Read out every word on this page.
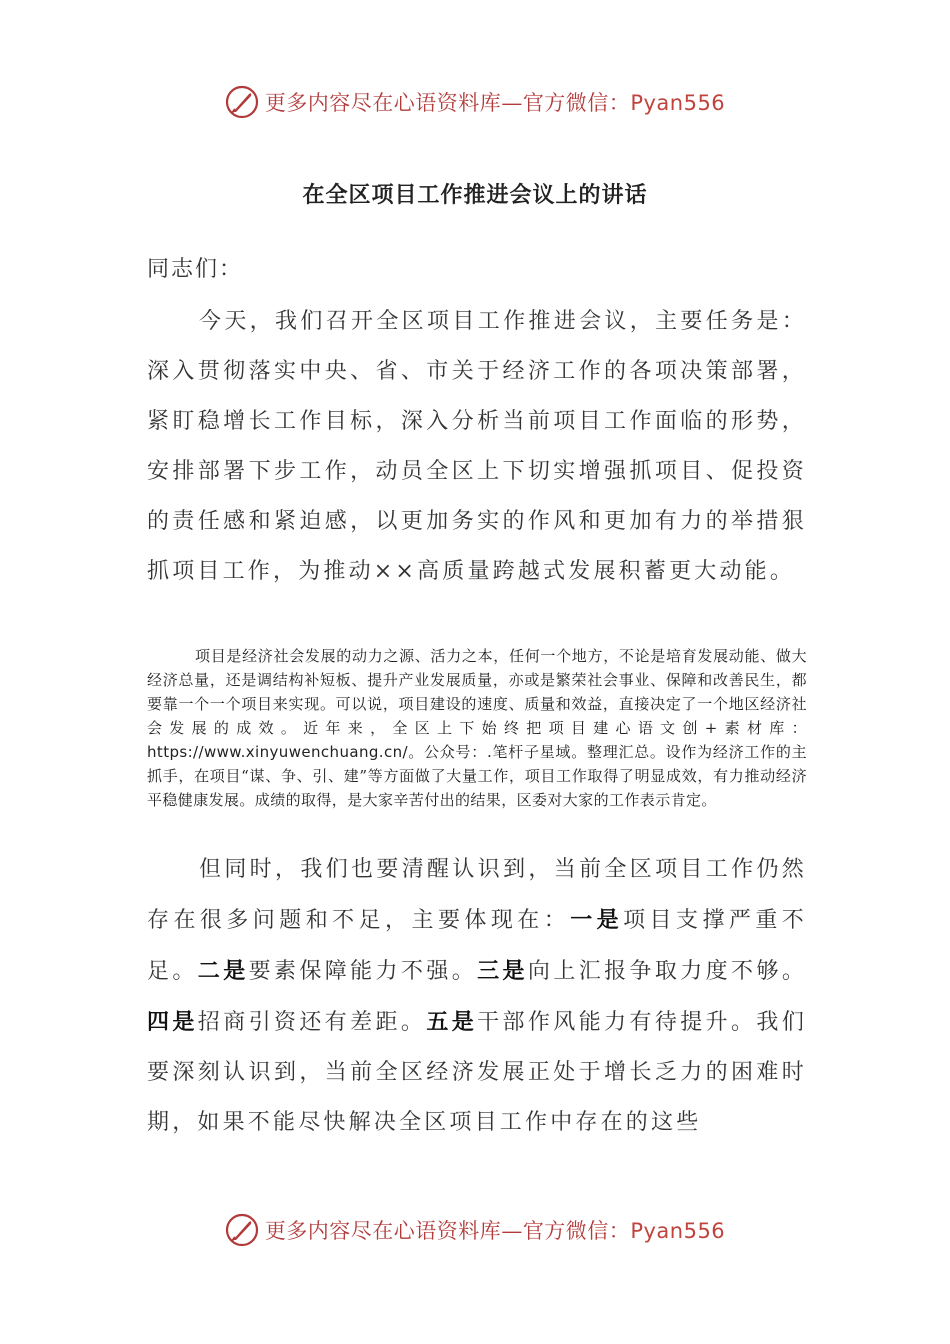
更多内容尽在心语资料库—官方微信：Pyan556
在全区项目工作推进会议上的讲话
同志们：

今天，我们召开全区项目工作推进会议，主要任务是：深入贯彻落实中央、省、市关于经济工作的各项决策部署，紧盯稳增长工作目标，深入分析当前项目工作面临的形势，安排部署下步工作，动员全区上下切实增强抓项目、促投资的责任感和紧迫感，以更加务实的作风和更加有力的举措狠抓项目工作，为推动××高质量跨越式发展积蓄更大动能。

项目是经济社会发展的动力之源、活力之本，任何一个地方，不论是培育发展动能、做大经济总量，还是调结构补短板、提升产业发展质量，亦或是繁荣社会事业、保障和改善民生，都要靠一个一个项目来实现。可以说，项目建设的速度、质量和效益，直接决定了一个地区经济社会发展的成效。近年来，全区上下始终把项目建心语文创+素材库：https://www.xinyuwenchuang.cn/。公众号：.笔杆子星域。整理汇总。设作为经济工作的主抓手，在项目“谋、争、引、建”等方面做了大量工作，项目工作取得了明显成效，有力推动经济平稳健康发展。成绩的取得，是大家辛苦付出的结果，区委对大家的工作表示肯定。

但同时，我们也要清醒认识到，当前全区项目工作仍然存在很多问题和不足，主要体现在：一是项目支撑严重不足。二是要素保障能力不强。三是向上汇报争取力度不够。四是招商引资还有差距。五是干部作风能力有待提升。我们要深刻认识到，当前全区经济发展正处于增长乏力的困难时期，如果不能尽快解决全区项目工作中存在的这些

更多内容尽在心语资料库—官方微信：Pyan556
